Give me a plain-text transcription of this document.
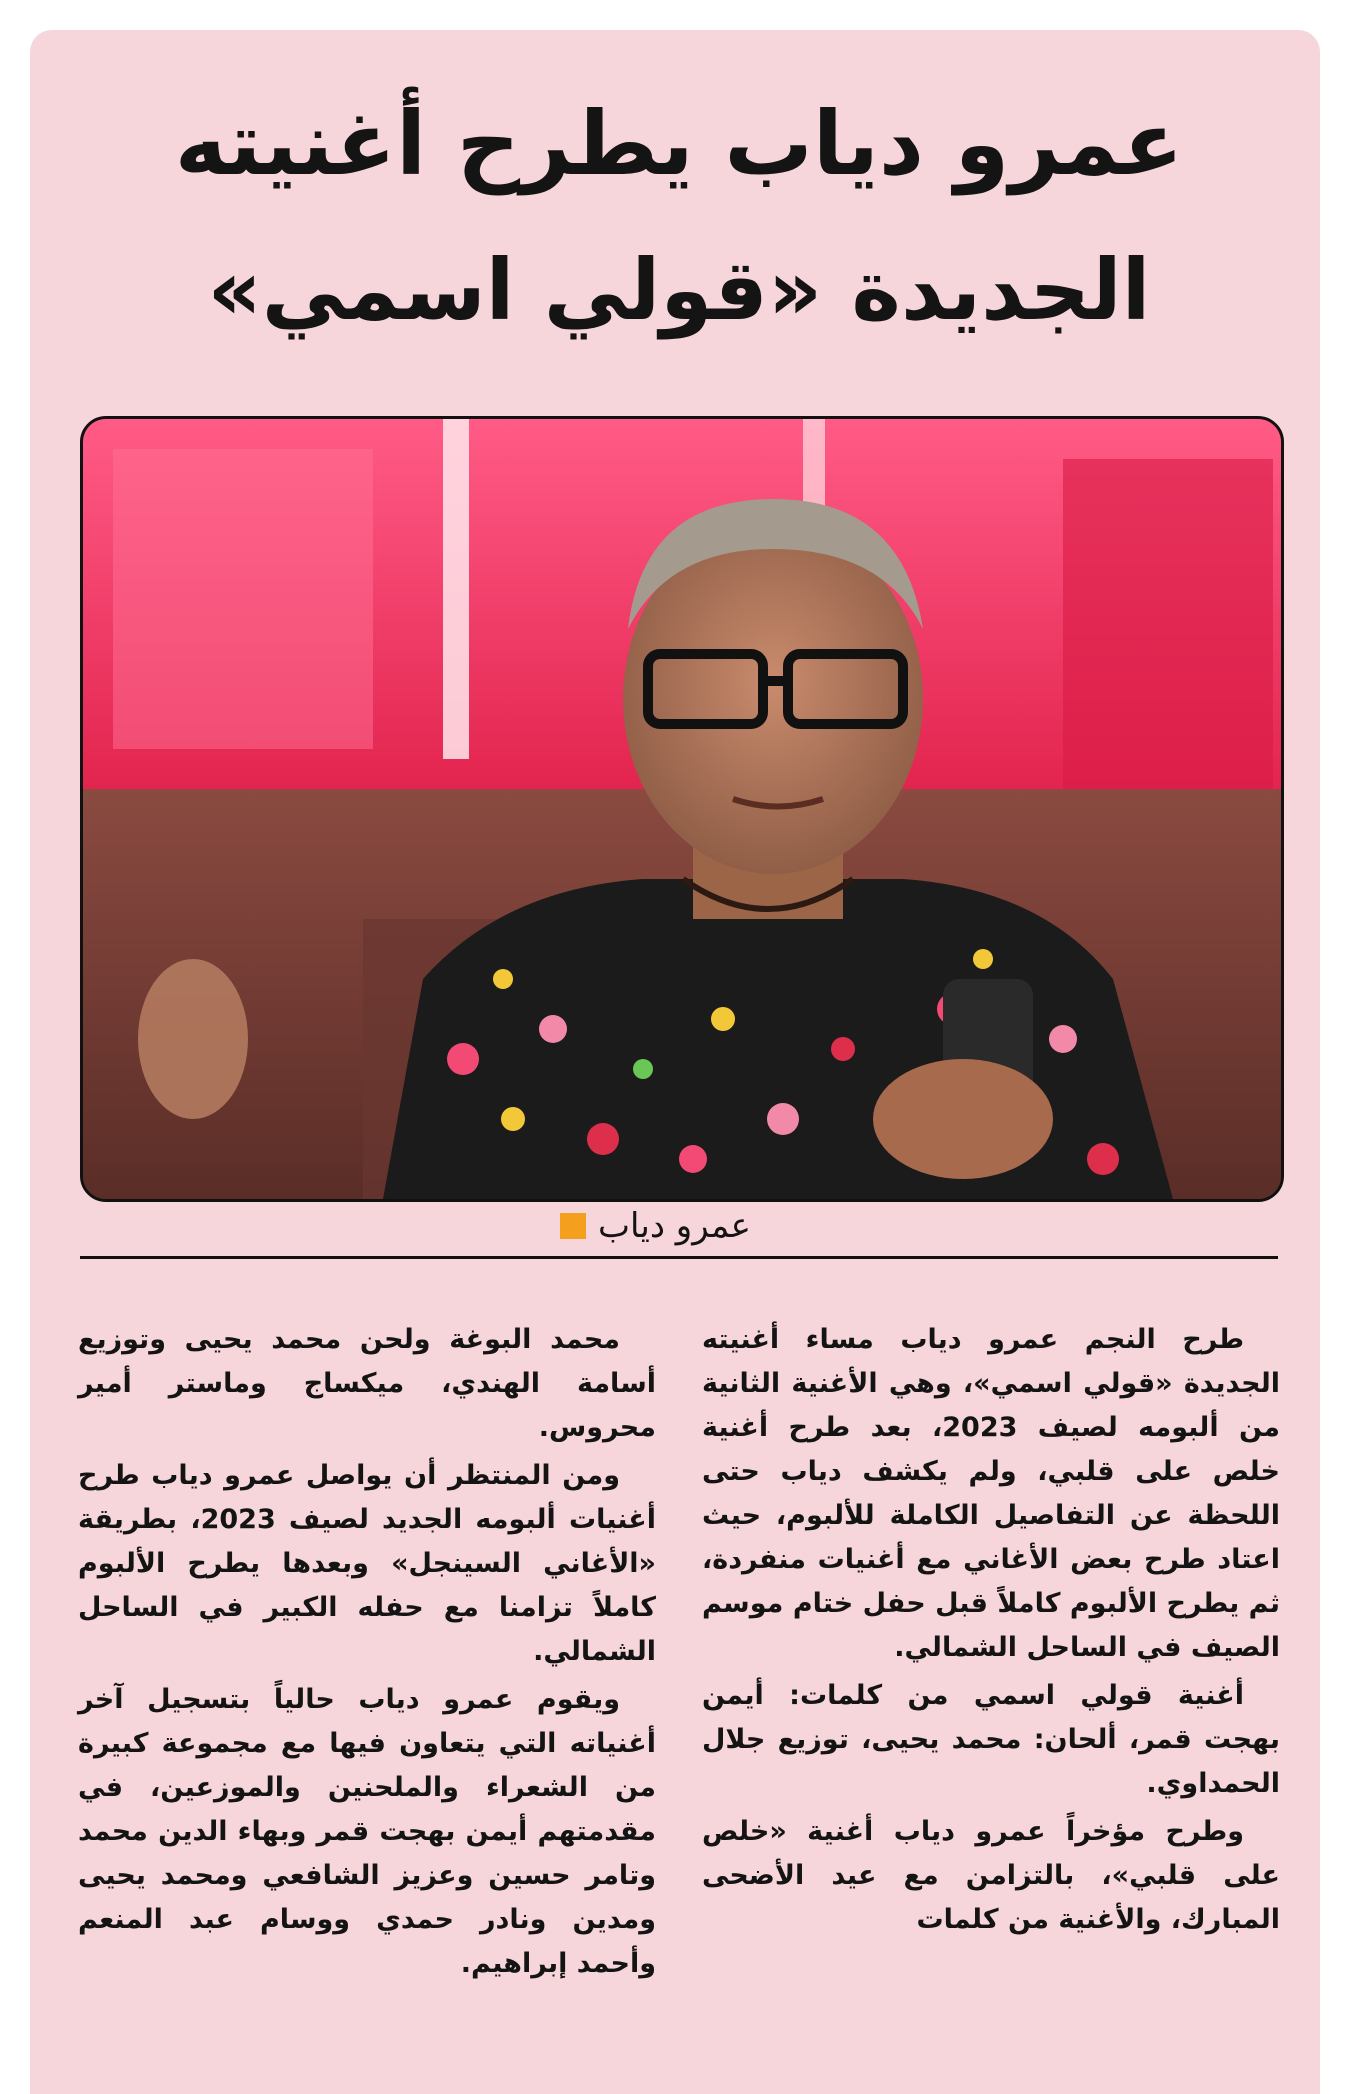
عمرو دياب يطرح أغنيته
الجديدة «قولي اسمي»
عمرو دياب

طرح النجم عمرو دياب مساء أغنيته الجديدة «قولي اسمي»، وهي الأغنية الثانية من ألبومه لصيف 2023، بعد طرح أغنية خلص على قلبي، ولم يكشف دياب حتى اللحظة عن التفاصيل الكاملة للألبوم، حيث اعتاد طرح بعض الأغاني مع أغنيات منفردة، ثم يطرح الألبوم كاملاً قبل حفل ختام موسم الصيف في الساحل الشمالي.

أغنية قولي اسمي من كلمات: أيمن بهجت قمر، ألحان: محمد يحيى، توزيع جلال الحمداوي.

وطرح مؤخراً عمرو دياب أغنية «خلص على قلبي»، بالتزامن مع عيد الأضحى المبارك، والأغنية من كلمات

محمد البوغة ولحن محمد يحيى وتوزيع أسامة الهندي، ميكساج وماستر أمير محروس.

ومن المنتظر أن يواصل عمرو دياب طرح أغنيات ألبومه الجديد لصيف 2023، بطريقة «الأغاني السينجل» وبعدها يطرح الألبوم كاملاً تزامنا مع حفله الكبير في الساحل الشمالي.

ويقوم عمرو دياب حالياً بتسجيل آخر أغنياته التي يتعاون فيها مع مجموعة كبيرة من الشعراء والملحنين والموزعين، في مقدمتهم أيمن بهجت قمر وبهاء الدين محمد وتامر حسين وعزيز الشافعي ومحمد يحيى ومدين ونادر حمدي ووسام عبد المنعم وأحمد إبراهيم.
